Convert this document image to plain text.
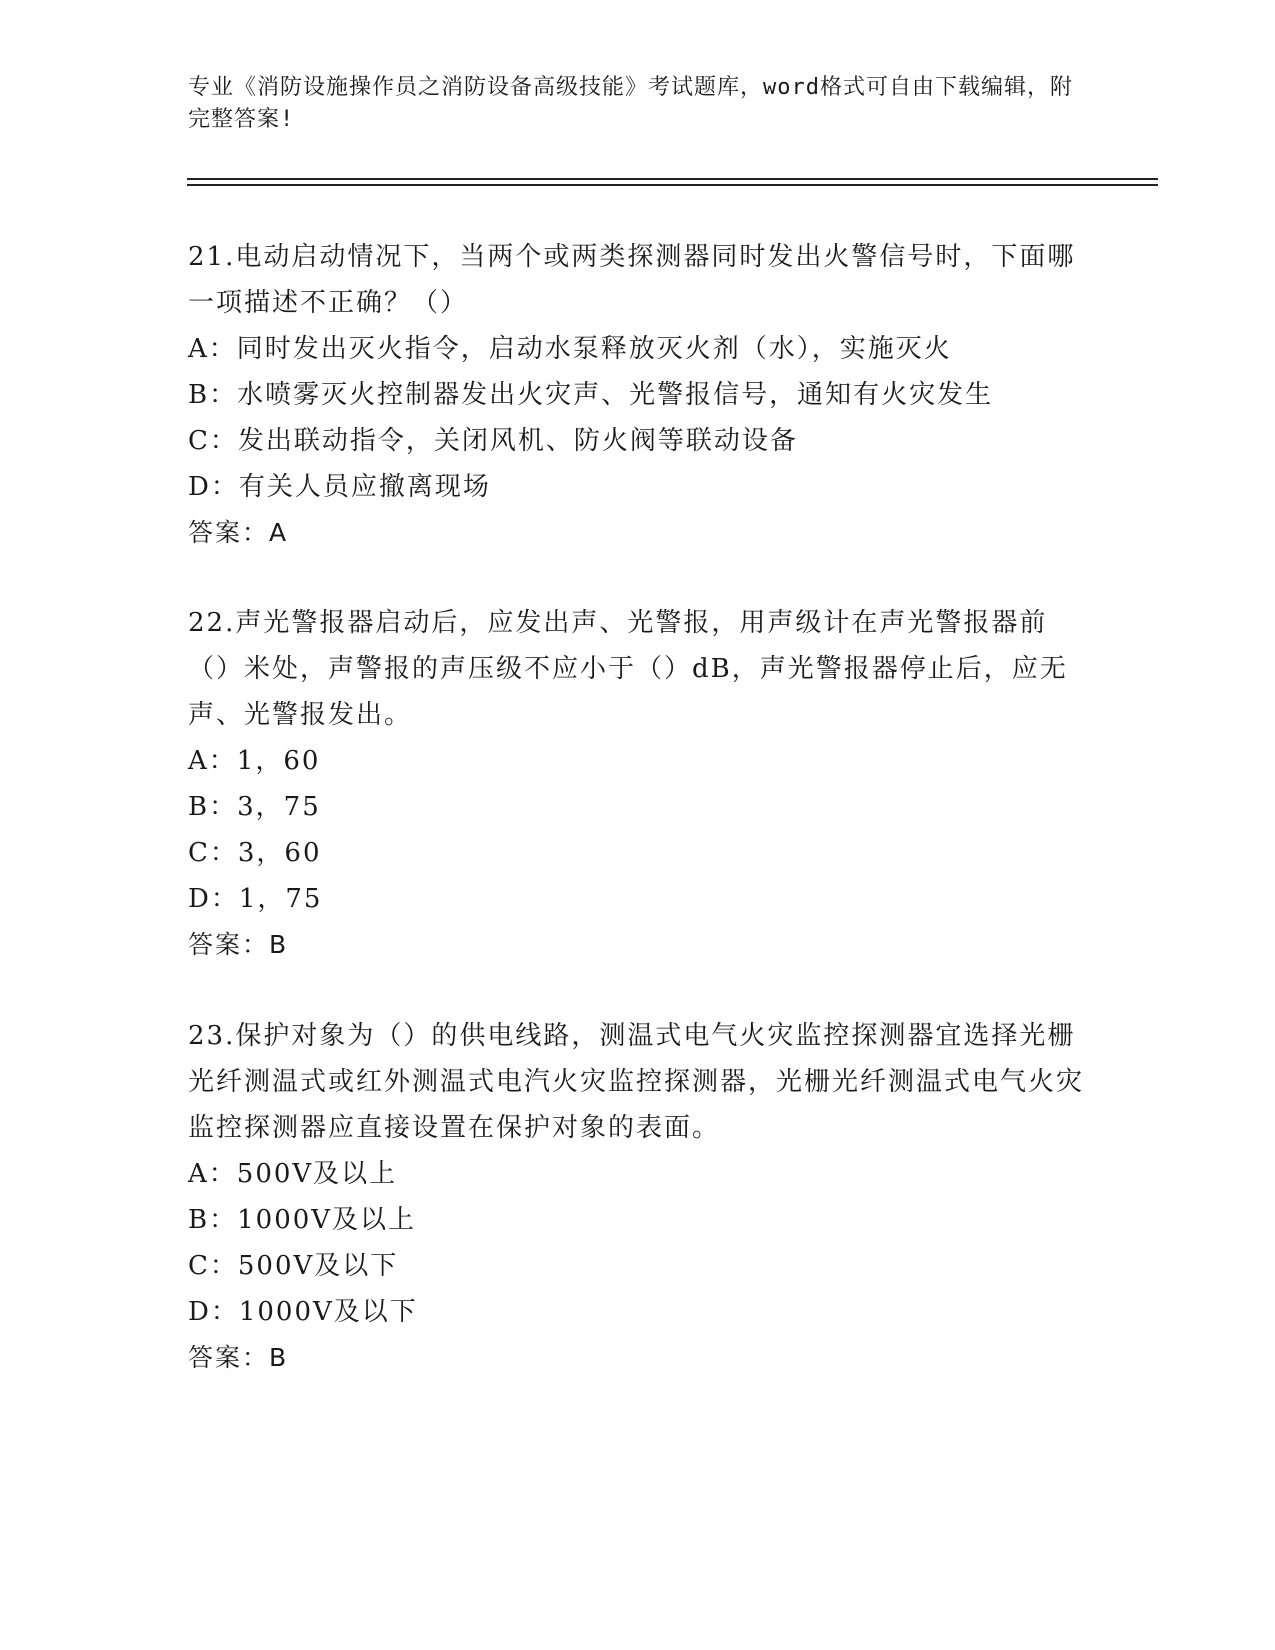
专业《消防设施操作员之消防设备高级技能》考试题库，word格式可自由下载编辑，附完整答案!

21.电动启动情况下，当两个或两类探测器同时发出火警信号时，下面哪一项描述不正确？（）

A：同时发出灭火指令，启动水泵释放灭火剂（水），实施灭火

B：水喷雾灭火控制器发出火灾声、光警报信号，通知有火灾发生

C：发出联动指令，关闭风机、防火阀等联动设备

D：有关人员应撤离现场

答案：A

22.声光警报器启动后，应发出声、光警报，用声级计在声光警报器前（）米处，声警报的声压级不应小于（）dB，声光警报器停止后，应无声、光警报发出。

A：1，60

B：3，75

C：3，60

D：1，75

答案：B

23.保护对象为（）的供电线路，测温式电气火灾监控探测器宜选择光栅光纤测温式或红外测温式电汽火灾监控探测器，光栅光纤测温式电气火灾监控探测器应直接设置在保护对象的表面。

A：500V及以上

B：1000V及以上

C：500V及以下

D：1000V及以下

答案：B
